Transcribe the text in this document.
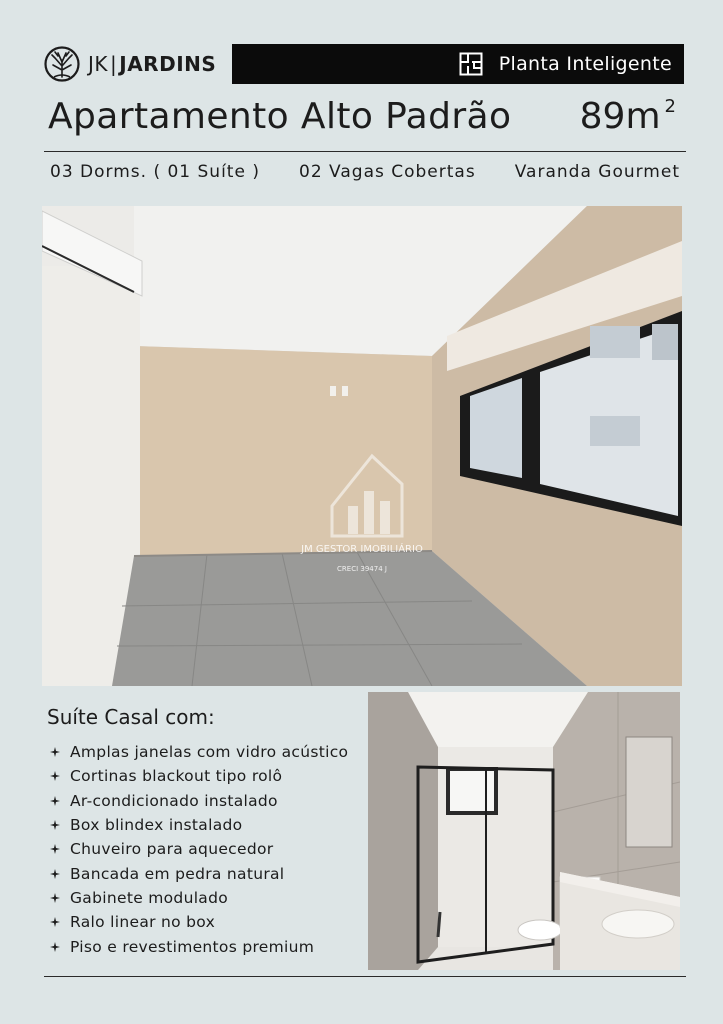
JK | JARDINS	Planta Inteligente
Apartamento Alto Padrão 89m $^2$
03 Dorms. ( 01 Suíte ) 02 Vagas Cobertas Varanda Gourmet
JM GESTOR IMOBILIÁRIO
CRECI 39474 J
Suíte Casal com:
Amplas janelas com vidro acústico
Cortinas blackout tipo rolô
Ar-condicionado instalado
Box blindex instalado
Chuveiro para aquecedor
Bancada em pedra natural
Gabinete modulado
Ralo linear no box
Piso e revestimentos premium
